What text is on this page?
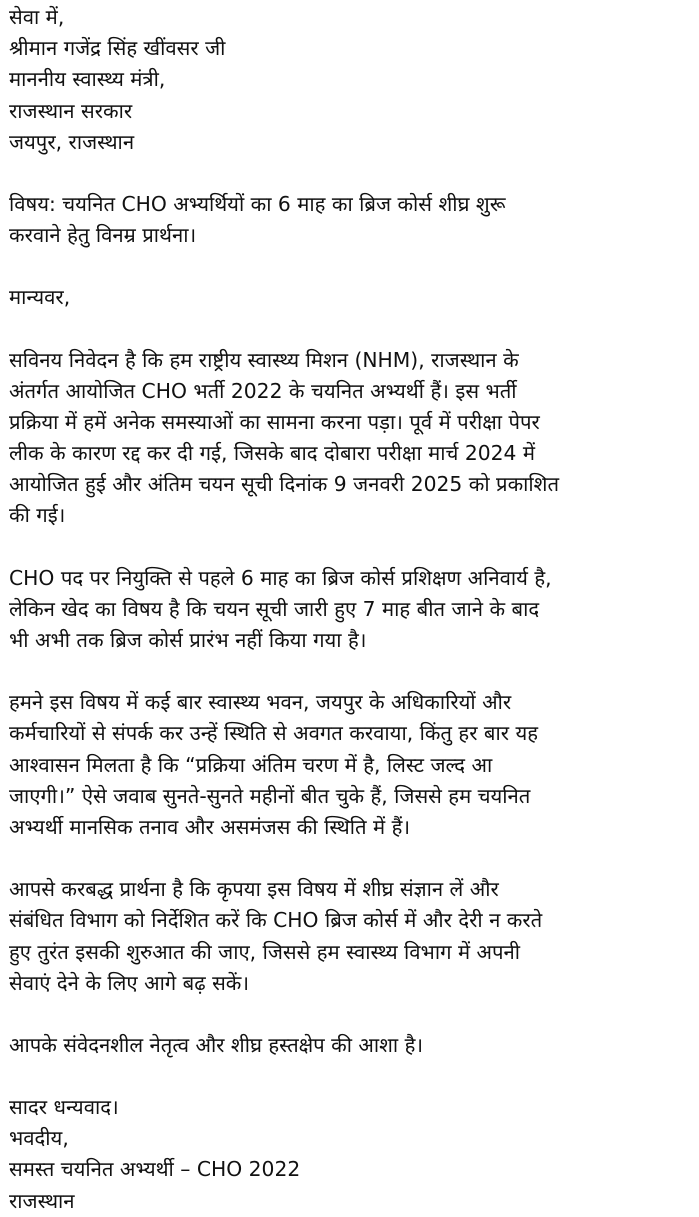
सेवा में,
श्रीमान गजेंद्र सिंह खींवसर जी
माननीय स्वास्थ्य मंत्री,
राजस्थान सरकार
जयपुर, राजस्थान
विषय: चयनित CHO अभ्यर्थियों का 6 माह का ब्रिज कोर्स शीघ्र शुरू
करवाने हेतु विनम्र प्रार्थना।
मान्यवर,
सविनय निवेदन है कि हम राष्ट्रीय स्वास्थ्य मिशन (NHM), राजस्थान के
अंतर्गत आयोजित CHO भर्ती 2022 के चयनित अभ्यर्थी हैं। इस भर्ती
प्रक्रिया में हमें अनेक समस्याओं का सामना करना पड़ा। पूर्व में परीक्षा पेपर
लीक के कारण रद्द कर दी गई, जिसके बाद दोबारा परीक्षा मार्च 2024 में
आयोजित हुई और अंतिम चयन सूची दिनांक 9 जनवरी 2025 को प्रकाशित
की गई।
CHO पद पर नियुक्ति से पहले 6 माह का ब्रिज कोर्स प्रशिक्षण अनिवार्य है,
लेकिन खेद का विषय है कि चयन सूची जारी हुए 7 माह बीत जाने के बाद
भी अभी तक ब्रिज कोर्स प्रारंभ नहीं किया गया है।
हमने इस विषय में कई बार स्वास्थ्य भवन, जयपुर के अधिकारियों और
कर्मचारियों से संपर्क कर उन्हें स्थिति से अवगत करवाया, किंतु हर बार यह
आश्वासन मिलता है कि “प्रक्रिया अंतिम चरण में है, लिस्ट जल्द आ
जाएगी।” ऐसे जवाब सुनते-सुनते महीनों बीत चुके हैं, जिससे हम चयनित
अभ्यर्थी मानसिक तनाव और असमंजस की स्थिति में हैं।
आपसे करबद्ध प्रार्थना है कि कृपया इस विषय में शीघ्र संज्ञान लें और
संबंधित विभाग को निर्देशित करें कि CHO ब्रिज कोर्स में और देरी न करते
हुए तुरंत इसकी शुरुआत की जाए, जिससे हम स्वास्थ्य विभाग में अपनी
सेवाएं देने के लिए आगे बढ़ सकें।
आपके संवेदनशील नेतृत्व और शीघ्र हस्तक्षेप की आशा है।
सादर धन्यवाद।
भवदीय,
समस्त चयनित अभ्यर्थी – CHO 2022
राजस्थान
